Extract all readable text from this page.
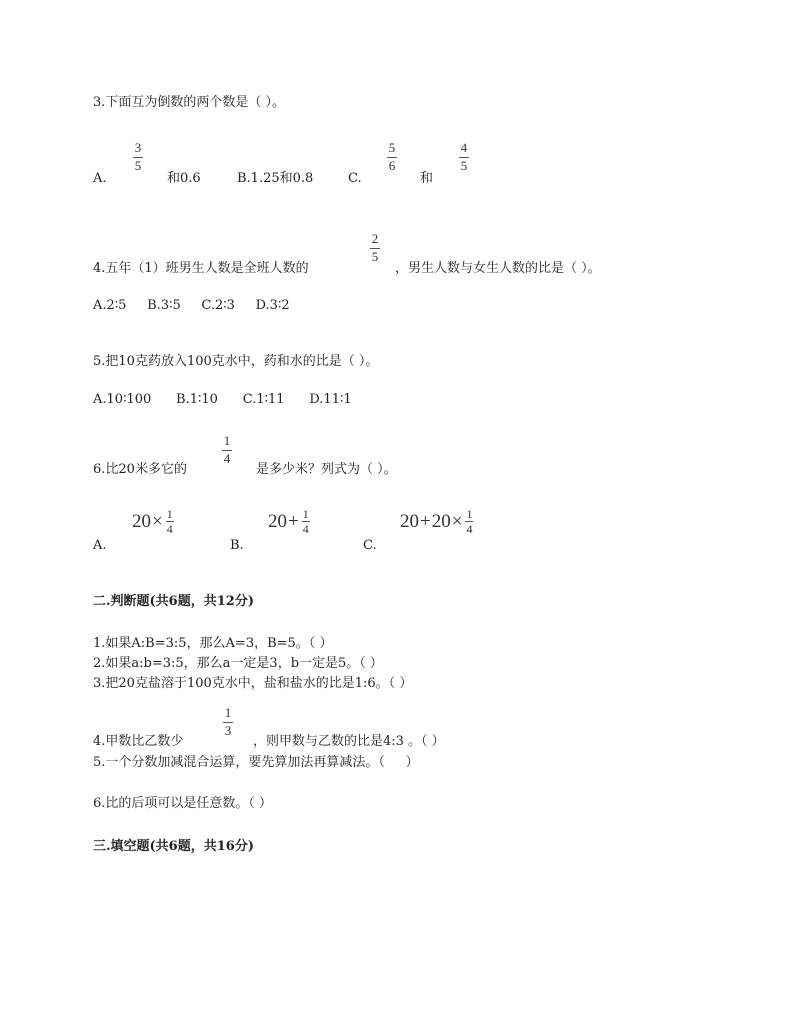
3.下面互为倒数的两个数是（ ）。
A.
3
5
和0.6	B.1.25和0.8	C.
5
6
和
4
5
4.五年（1）班男生人数是全班人数的
2
5
，男生人数与女生人数的比是（ ）。
A.2∶5     B.3∶5     C.2∶3     D.3∶2
5.把10克药放入100克水中，药和水的比是（ ）。
A.10∶100      B.1∶10      C.1∶11      D.11∶1
6.比20米多它的
1
4
是多少米？列式为（ ）。
A.
20 × 1
4
B.
20 + 1
4
C.
20 + 20 × 1
4
二.判断题(共6题，共12分)
1.如果A:B=3:5，那么A=3，B=5。（ ）
2.如果a:b=3:5，那么a一定是3，b一定是5。（ ）
3.把20克盐溶于100克水中，盐和盐水的比是1:6。（ ）
4.甲数比乙数少
1
3
，则甲数与乙数的比是4:3 。（ ）
5.一个分数加减混合运算，要先算加法再算减法。（     ）
6.比的后项可以是任意数。（ ）
三.填空题(共6题，共16分)
